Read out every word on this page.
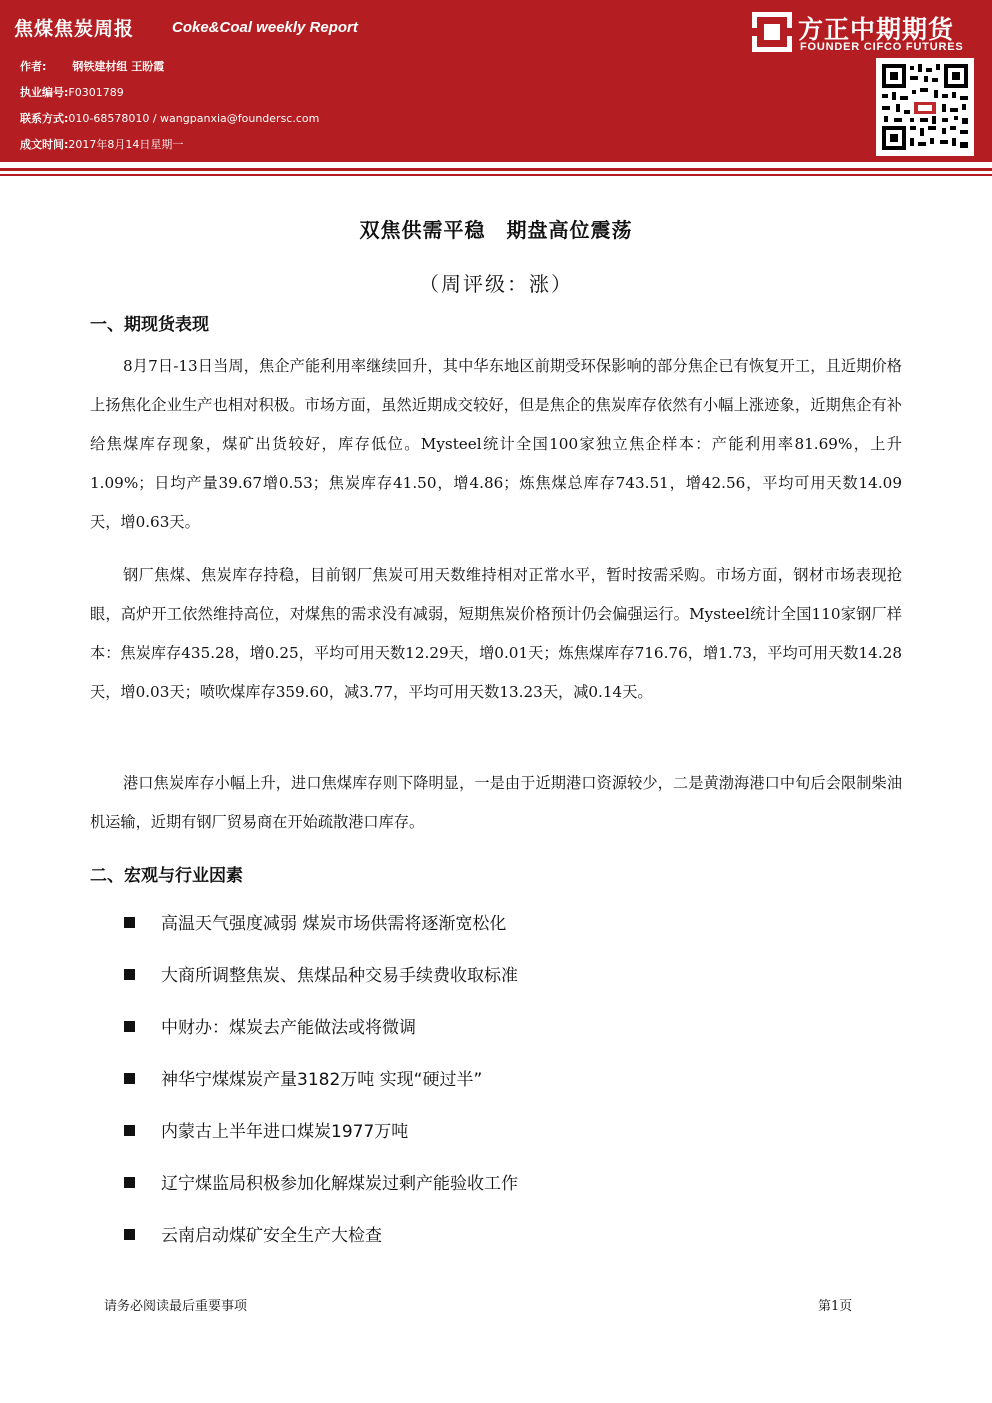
焦煤焦炭周报	Coke&Coal weekly Report
作者: 钢铁建材组 王盼霞
执业编号:F0301789
联系方式:010-68578010 / wangpanxia@foundersc.com
成文时间:2017年8月14日星期一
方正中期期货
FOUNDER CIFCO FUTURES
双焦供需平稳　期盘高位震荡
（周评级：涨）
一、期现货表现

8月7日-13日当周，焦企产能利用率继续回升，其中华东地区前期受环保影响的部分焦企已有恢复开工，且近期价格上扬焦化企业生产也相对积极。市场方面，虽然近期成交较好，但是焦企的焦炭库存依然有小幅上涨迹象，近期焦企有补给焦煤库存现象，煤矿出货较好，库存低位。Mysteel统计全国100家独立焦企样本：产能利用率81.69%，上升1.09%；日均产量39.67增0.53；焦炭库存41.50，增4.86；炼焦煤总库存743.51，增42.56，平均可用天数14.09天，增0.63天。

钢厂焦煤、焦炭库存持稳，目前钢厂焦炭可用天数维持相对正常水平，暂时按需采购。市场方面，钢材市场表现抢眼，高炉开工依然维持高位，对煤焦的需求没有减弱，短期焦炭价格预计仍会偏强运行。Mysteel统计全国110家钢厂样本：焦炭库存435.28，增0.25，平均可用天数12.29天，增0.01天；炼焦煤库存716.76，增1.73，平均可用天数14.28天，增0.03天；喷吹煤库存359.60，减3.77，平均可用天数13.23天，减0.14天。

港口焦炭库存小幅上升，进口焦煤库存则下降明显，一是由于近期港口资源较少，二是黄渤海港口中旬后会限制柴油机运输，近期有钢厂贸易商在开始疏散港口库存。

二、宏观与行业因素
高温天气强度减弱 煤炭市场供需将逐渐宽松化
大商所调整焦炭、焦煤品种交易手续费收取标准
中财办：煤炭去产能做法或将微调
神华宁煤煤炭产量3182万吨 实现“硬过半”
内蒙古上半年进口煤炭1977万吨
辽宁煤监局积极参加化解煤炭过剩产能验收工作
云南启动煤矿安全生产大检查
请务必阅读最后重要事项	第1页
